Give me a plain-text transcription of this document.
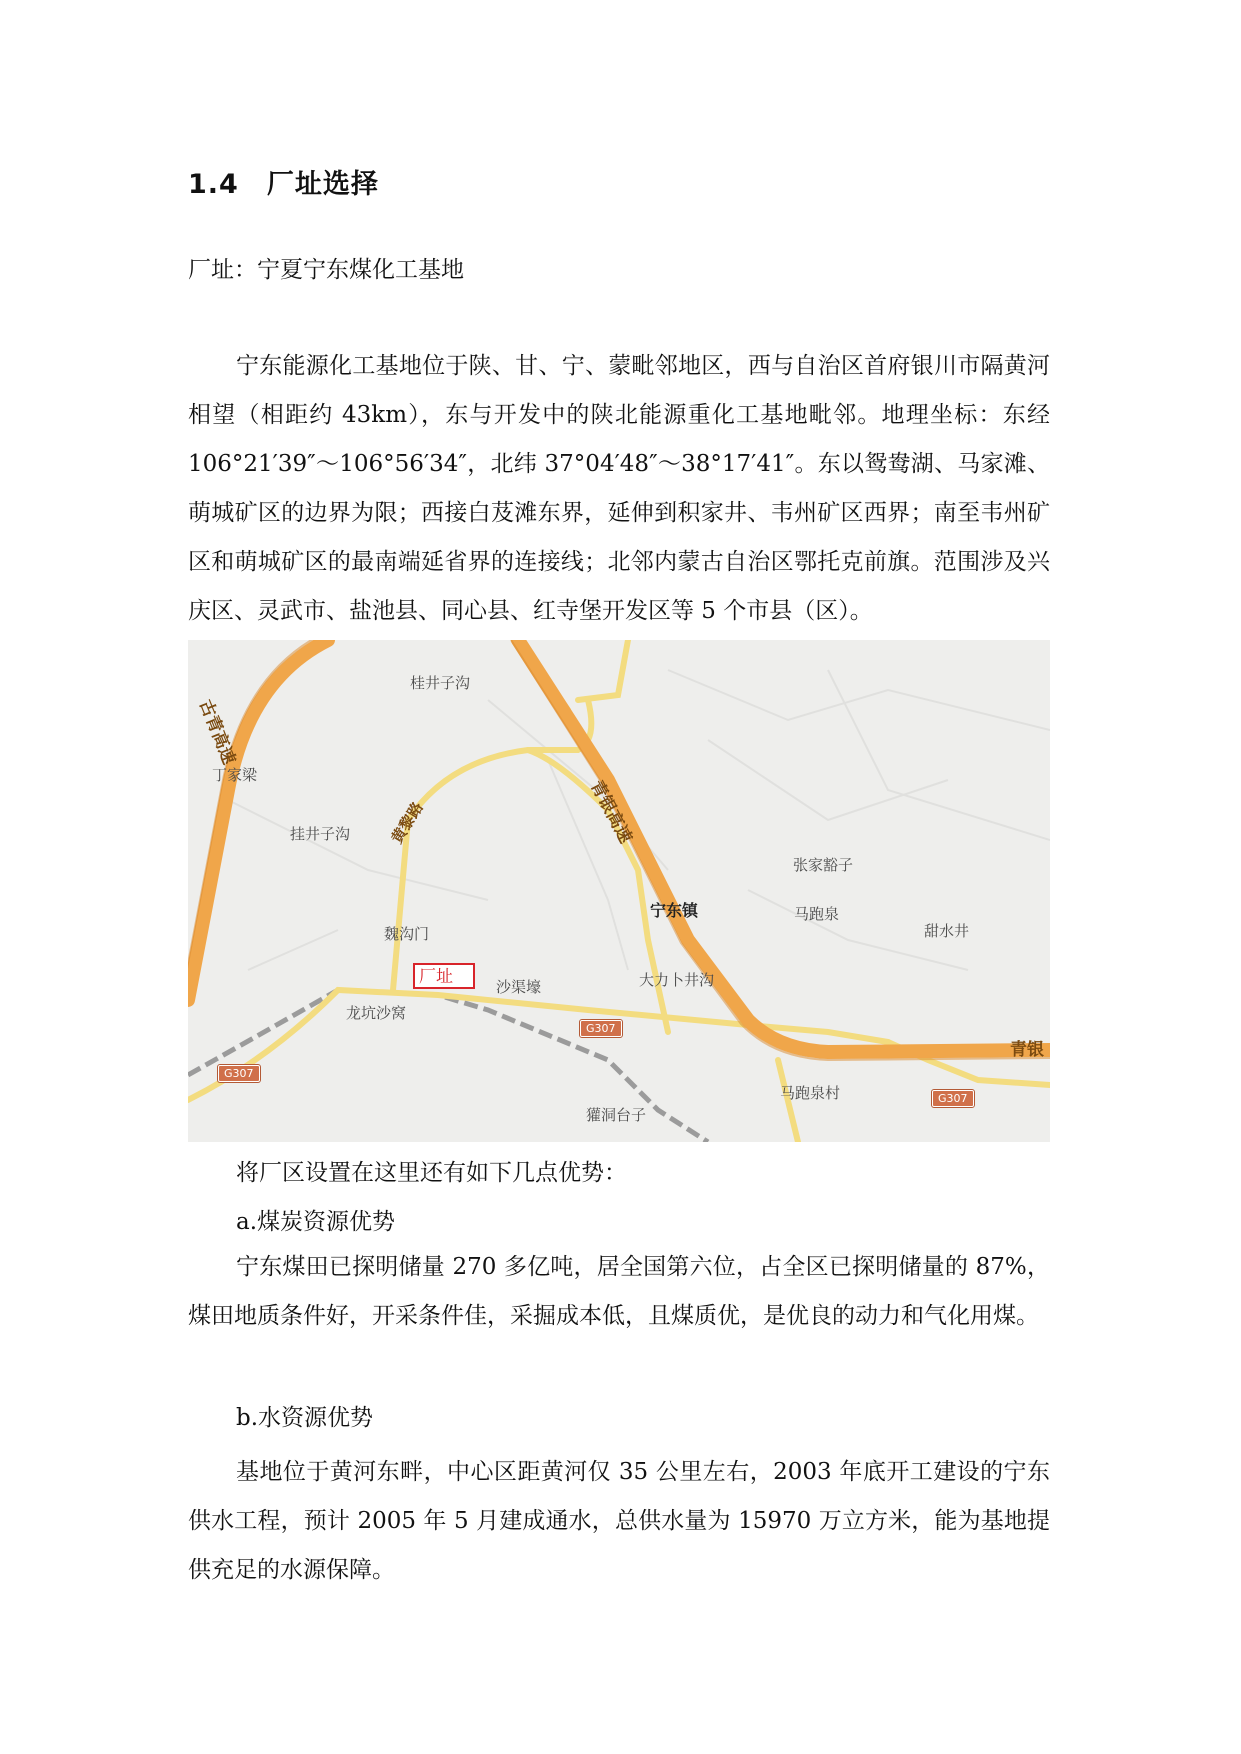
1.4 厂址选择
厂址：宁夏宁东煤化工基地

宁东能源化工基地位于陕、甘、宁、蒙毗邻地区，西与自治区首府银川市隔黄河相望（相距约 43km），东与开发中的陕北能源重化工基地毗邻。地理坐标：东经 106°21′39″～106°56′34″，北纬 37°04′48″～38°17′41″。东以鸳鸯湖、马家滩、萌城矿区的边界为限；西接白芨滩东界，延伸到积家井、韦州矿区西界；南至韦州矿区和萌城矿区的最南端延省界的连接线；北邻内蒙古自治区鄂托克前旗。范围涉及兴庆区、灵武市、盐池县、同心县、红寺堡开发区等 5 个市县（区）。

古青高速
黄黎路	青银高速
青银
G307
G307
G307
桂井子沟
丁家梁
挂井子沟
宁东镇
张家豁子
马跑泉
甜水井
魏沟门
沙渠壕	大力卜井沟
龙坑沙窝
马跑泉村
獾洞台子
厂址

将厂区设置在这里还有如下几点优势：

a.煤炭资源优势

宁东煤田已探明储量 270 多亿吨，居全国第六位，占全区已探明储量的 87%，煤田地质条件好，开采条件佳，采掘成本低，且煤质优，是优良的动力和气化用煤。

b.水资源优势

基地位于黄河东畔，中心区距黄河仅 35 公里左右，2003 年底开工建设的宁东供水工程，预计 2005 年 5 月建成通水，总供水量为 15970 万立方米，能为基地提供充足的水源保障。
